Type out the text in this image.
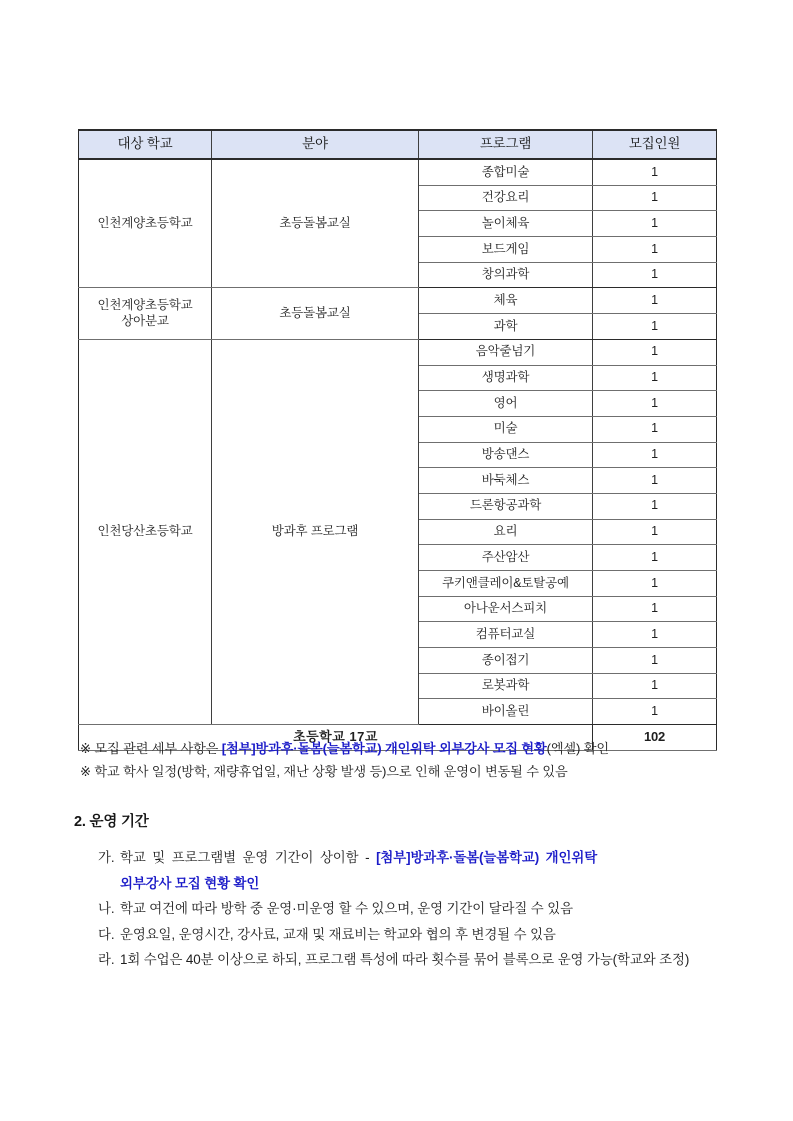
대상 학교	분야	프로그램	모집인원
인천계양초등학교	초등돌봄교실	종합미술	1
		건강요리	1
		놀이체육	1
		보드게임	1
		창의과학	1
인천계양초등학교
상아분교	초등돌봄교실	체육	1
		과학	1
인천당산초등학교	방과후 프로그램	음악줄넘기	1
		생명과학	1
		영어	1
		미술	1
		방송댄스	1
		바둑체스	1
		드론항공과학	1
		요리	1
		주산암산	1
		쿠키앤클레이&토탈공예	1
		아나운서스피치	1
		컴퓨터교실	1
		종이접기	1
		로봇과학	1
		바이올린	1
초등학교 17교			102
※ 모집 관련 세부 사항은 [첨부]방과후·돌봄(늘봄학교) 개인위탁 외부강사 모집 현황(엑셀) 확인
※ 학교 학사 일정(방학, 재량휴업일, 재난 상황 발생 등)으로 인해 운영이 변동될 수 있음
2. 운영 기간
가. 학교 및 프로그램별 운영 기간이 상이함 - [첨부]방과후·돌봄(늘봄학교) 개인위탁
외부강사 모집 현황 확인
나. 학교 여건에 따라 방학 중 운영·미운영 할 수 있으며, 운영 기간이 달라질 수 있음
다. 운영요일, 운영시간, 강사료, 교재 및 재료비는 학교와 협의 후 변경될 수 있음
라. 1회 수업은 40분 이상으로 하되, 프로그램 특성에 따라 횟수를 묶어 블록으로 운영 가능(학교와 조정)
